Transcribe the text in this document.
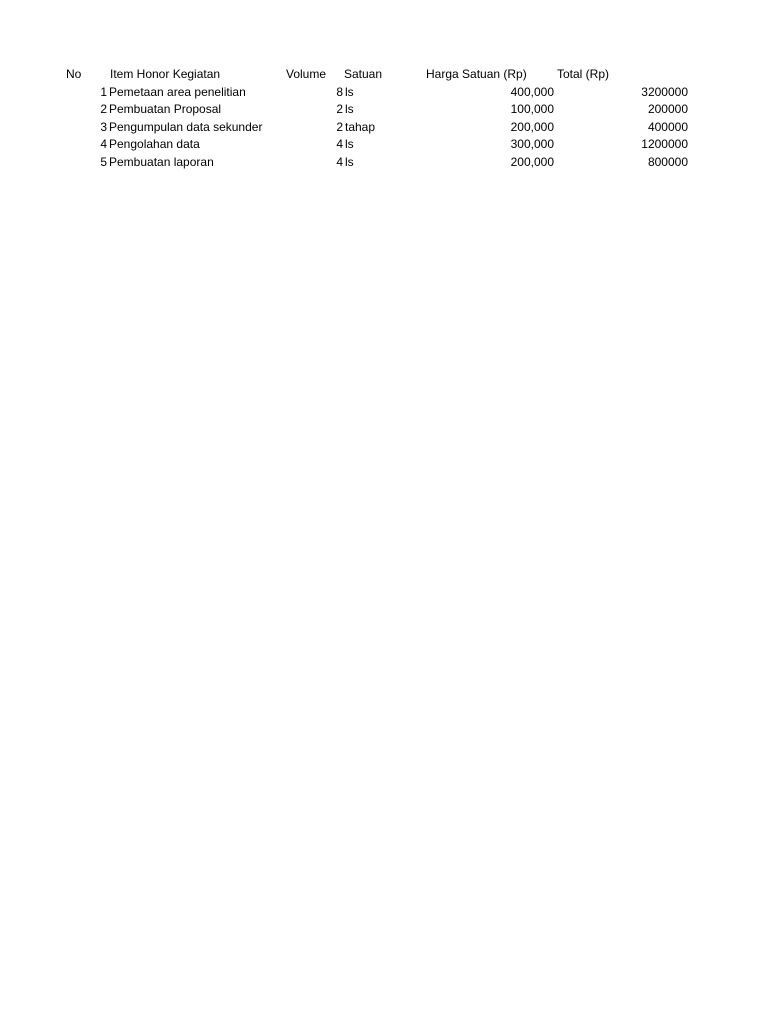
No	Item Honor Kegiatan	Volume	Satuan	Harga Satuan (Rp)	Total (Rp)
1 Pemetaan area penelitian	8 ls	400,000	3200000
2 Pembuatan Proposal	2 ls	100,000	200000
3 Pengumpulan data sekunder	2 tahap	200,000	400000
4 Pengolahan data	4 ls	300,000	1200000
5 Pembuatan laporan	4 ls	200,000	800000
